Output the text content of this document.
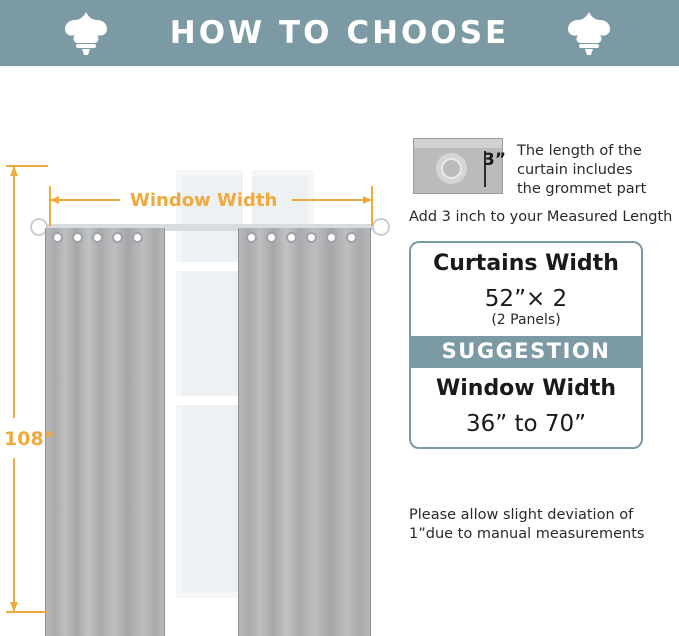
HOW TO CHOOSE
Window Width
108”
3” The length of the
curtain includes
the grommet part
Add 3 inch to your Measured Length
Curtains Width
52”× 2
(2 Panels)
SUGGESTION
Window Width
36” to 70”
Please allow slight deviation of
1”due to manual measurements
